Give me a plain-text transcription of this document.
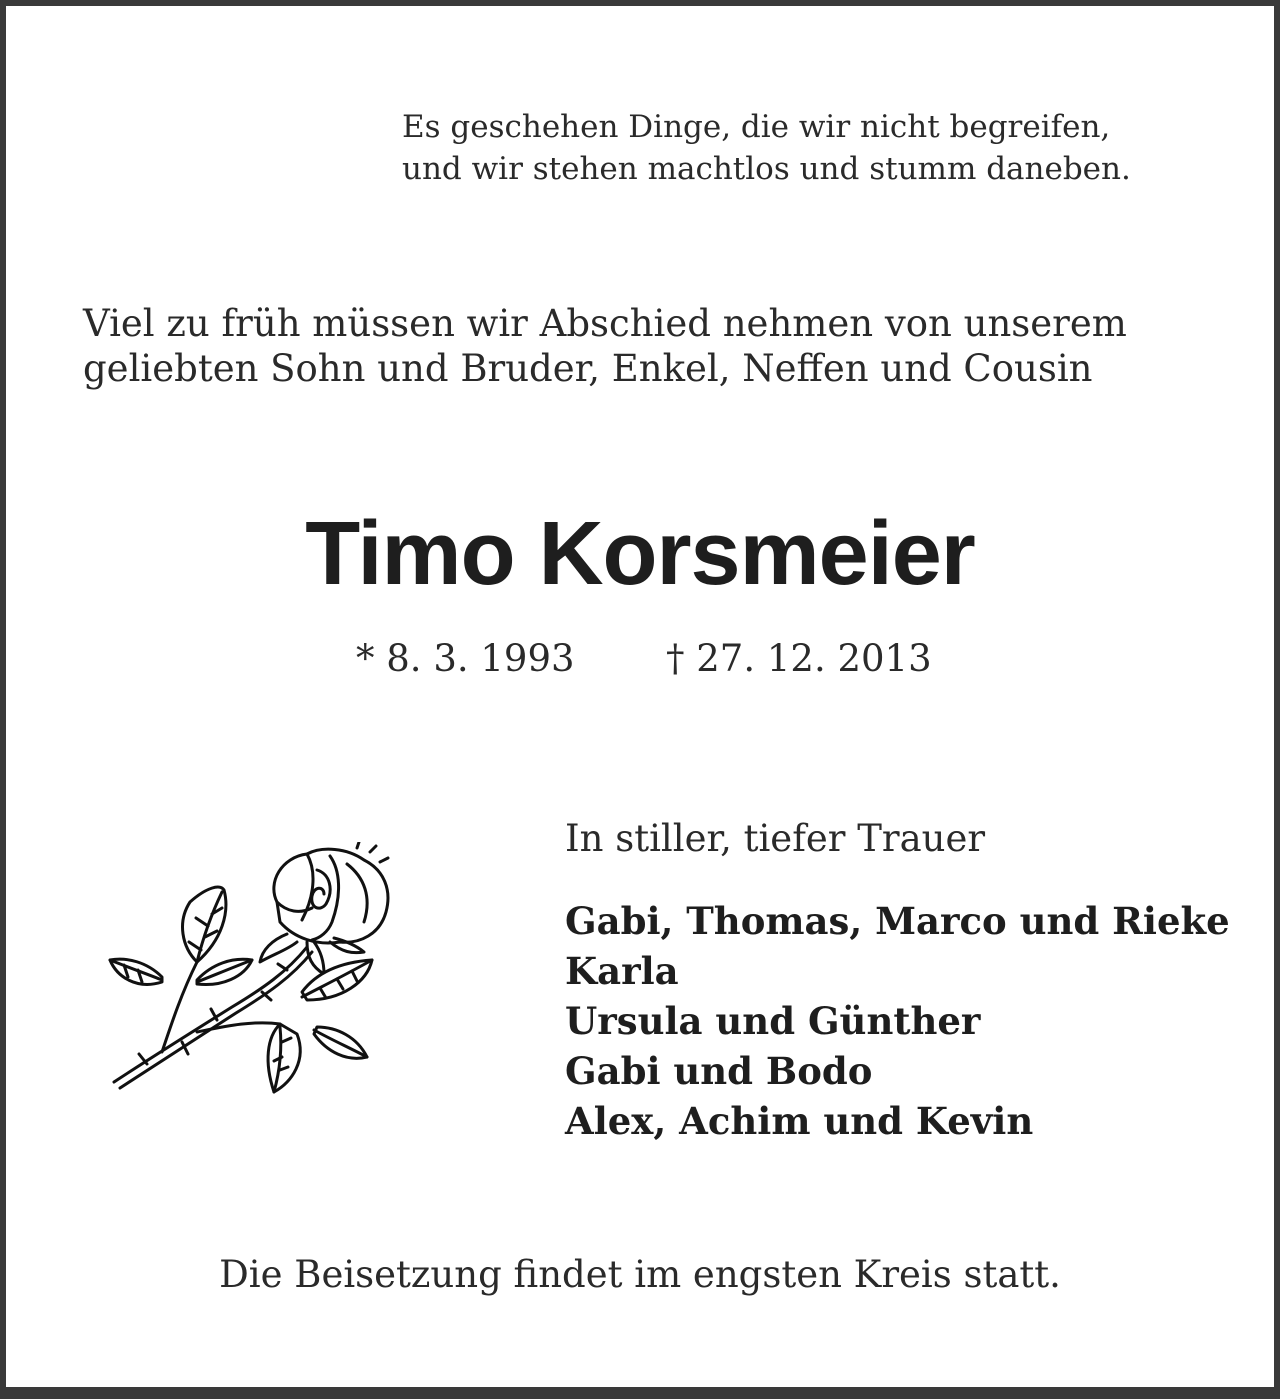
Es geschehen Dinge, die wir nicht begreifen,
und wir stehen machtlos und stumm daneben.
Viel zu früh müssen wir Abschied nehmen von unserem
geliebten Sohn und Bruder, Enkel, Neffen und Cousin
Timo Korsmeier
* 8. 3. 1993 † 27. 12. 2013
In stiller, tiefer Trauer
Gabi, Thomas, Marco und Rieke
Karla
Ursula und Günther
Gabi und Bodo
Alex, Achim und Kevin
Die Beisetzung findet im engsten Kreis statt.
